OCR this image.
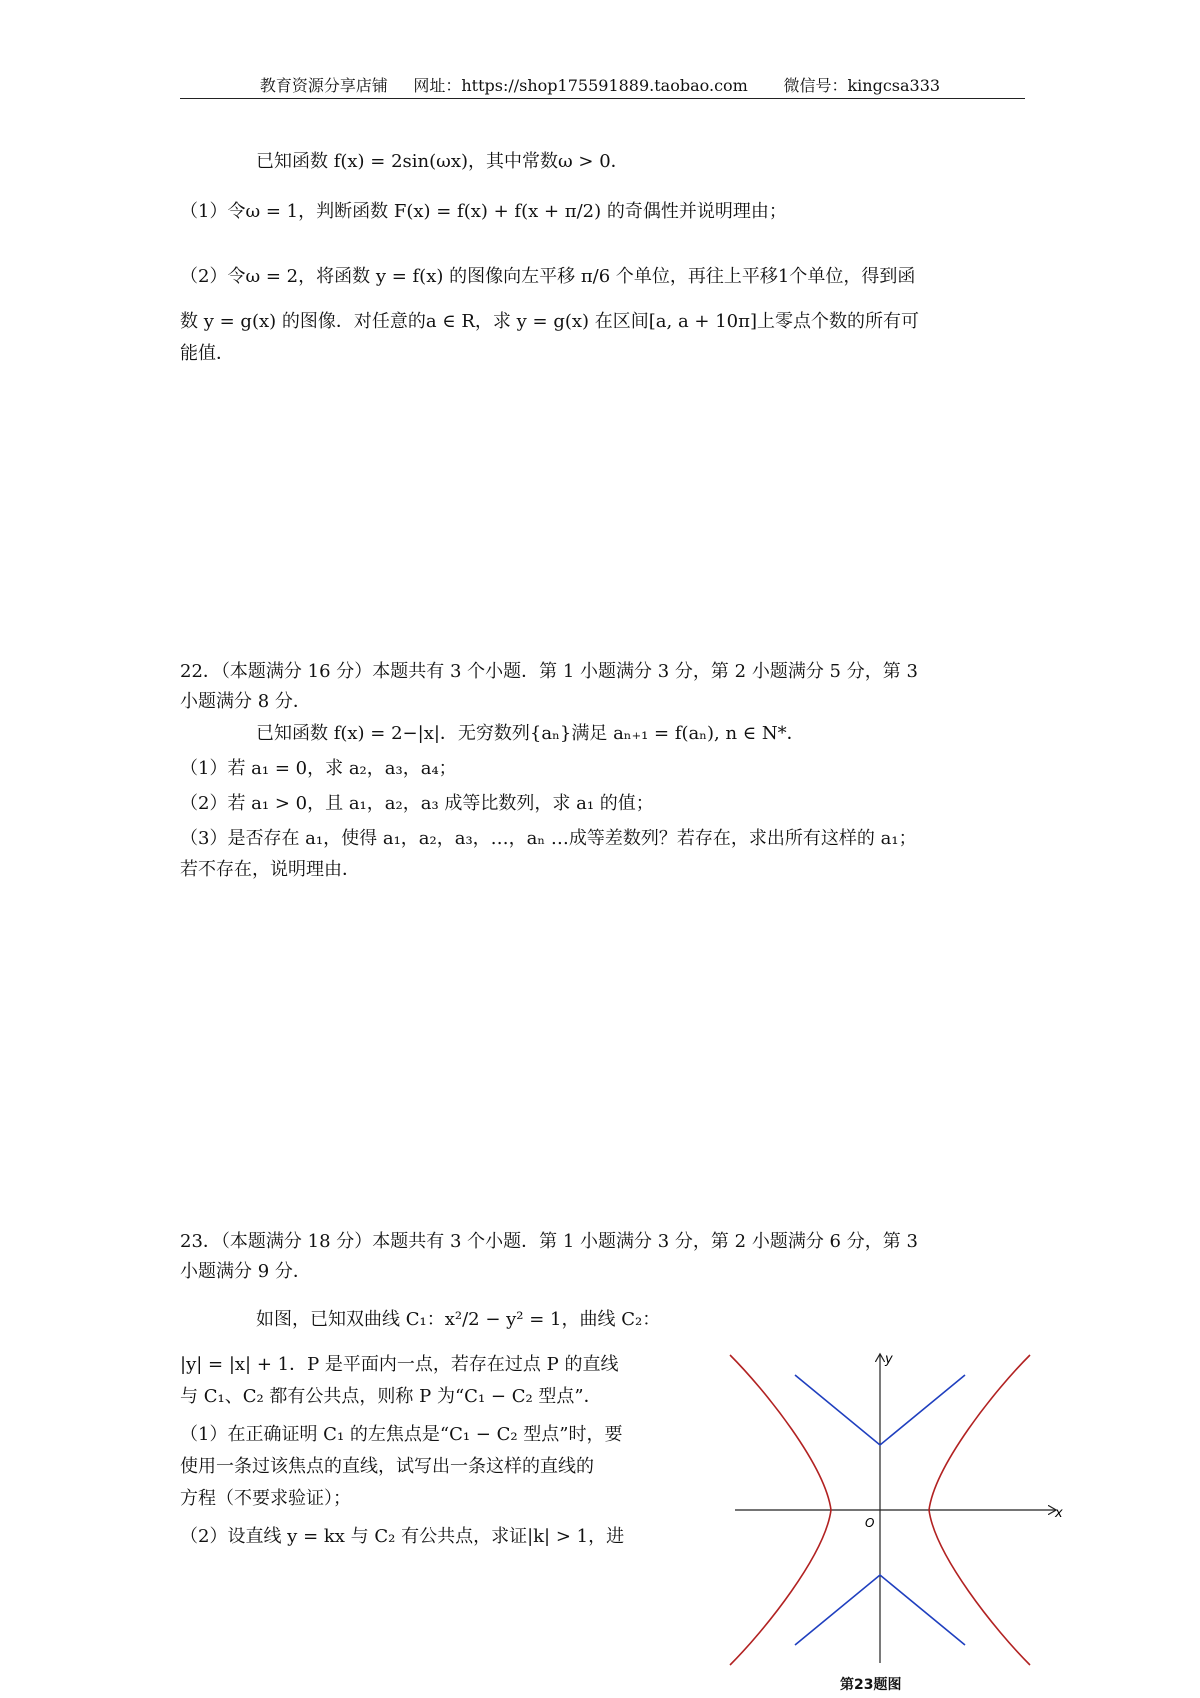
教育资源分享店铺 网址：https://shop175591889.taobao.com 微信号：kingcsa333
已知函数 f(x) = 2sin(ωx)，其中常数ω > 0．
（1）令ω = 1，判断函数 F(x) = f(x) + f(x + π/2) 的奇偶性并说明理由；
（2）令ω = 2，将函数 y = f(x) 的图像向左平移 π/6 个单位，再往上平移1个单位，得到函
数 y = g(x) 的图像．对任意的a ∈ R，求 y = g(x) 在区间[a, a + 10π]上零点个数的所有可
能值．
22．（本题满分 16 分）本题共有 3 个小题．第 1 小题满分 3 分，第 2 小题满分 5 分，第 3
小题满分 8 分．
已知函数 f(x) = 2−|x|．无穷数列{aₙ}满足 aₙ₊₁ = f(aₙ), n ∈ N*．
（1）若 a₁ = 0，求 a₂，a₃，a₄；
（2）若 a₁ > 0，且 a₁，a₂，a₃ 成等比数列，求 a₁ 的值；
（3）是否存在 a₁，使得 a₁，a₂，a₃，…，aₙ …成等差数列？若存在，求出所有这样的 a₁；
若不存在，说明理由．
23．（本题满分 18 分）本题共有 3 个小题．第 1 小题满分 3 分，第 2 小题满分 6 分，第 3
小题满分 9 分．
如图，已知双曲线 C₁：x²/2 − y² = 1，曲线 C₂：
|y| = |x| + 1．P 是平面内一点，若存在过点 P 的直线
与 C₁、C₂ 都有公共点，则称 P 为“C₁ − C₂ 型点”．
（1）在正确证明 C₁ 的左焦点是“C₁ − C₂ 型点”时，要
使用一条过该焦点的直线，试写出一条这样的直线的
方程（不要求验证）；
（2）设直线 y = kx 与 C₂ 有公共点，求证|k| > 1，进
x
y
O
第23题图
